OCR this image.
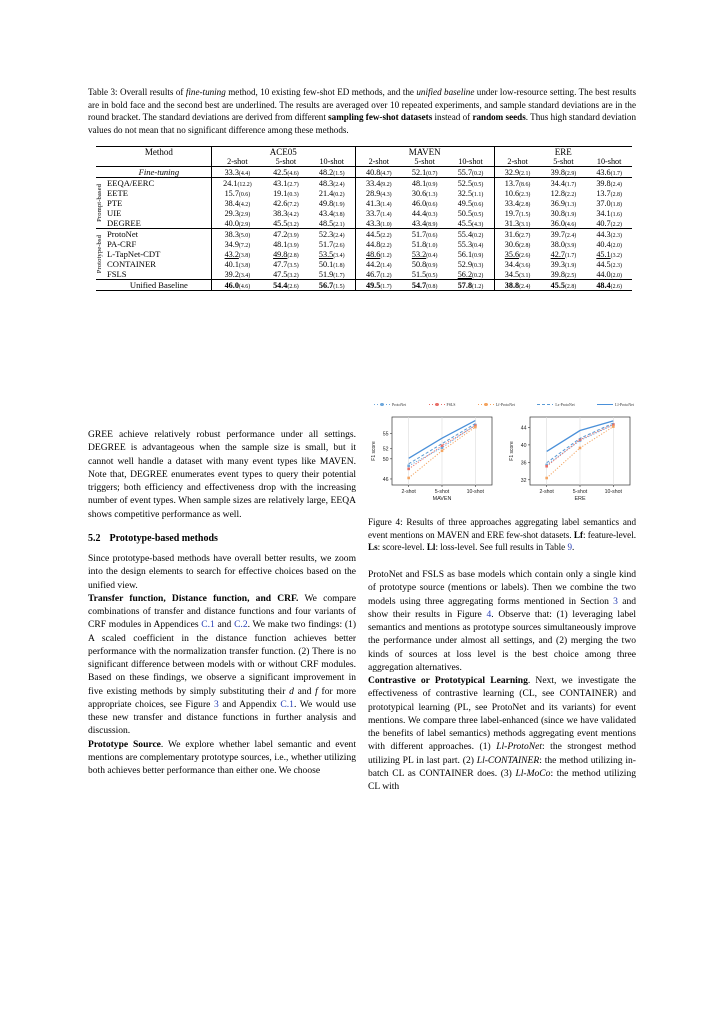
Table 3: Overall results of fine-tuning method, 10 existing few-shot ED methods, and the unified baseline under low-resource setting. The best results are in bold face and the second best are underlined. The results are averaged over 10 repeated experiments, and sample standard deviations are in the round bracket. The standard deviations are derived from different sampling few-shot datasets instead of random seeds. Thus high standard deviation values do not mean that no significant difference among these methods.
	Method	ACE05			MAVEN			ERE		
		2-shot	5-shot	10-shot	2-shot	5-shot	10-shot	2-shot	5-shot	10-shot
	Fine-tuning	33.3(4.4)	42.5(4.6)	48.2(1.5)	40.8(4.7)	52.1(0.7)	55.7(0.2)	32.9(2.1)	39.8(2.9)	43.6(1.7)

Prompt-based	EEQA/EERC	24.1(12.2)	43.1(2.7)	48.3(2.4)	33.4(9.2)	48.1(0.9)	52.5(0.5)	13.7(8.6)	34.4(1.7)	39.8(2.4)
	EETE	15.7(0.6)	19.1(0.3)	21.4(0.2)	28.9(4.3)	30.6(1.3)	32.5(1.1)	10.6(2.3)	12.8(2.2)	13.7(2.8)
	PTE	38.4(4.2)	42.6(7.2)	49.8(1.9)	41.3(1.4)	46.0(0.6)	49.5(0.6)	33.4(2.8)	36.9(1.3)	37.0(1.8)
	UIE	29.3(2.9)	38.3(4.2)	43.4(3.8)	33.7(1.4)	44.4(0.3)	50.5(0.5)	19.7(1.5)	30.8(1.9)	34.1(1.6)
	DEGREE	40.0(2.9)	45.5(3.2)	48.5(2.1)	43.3(1.0)	43.4(8.9)	45.5(4.3)	31.3(3.1)	36.0(4.6)	40.7(2.2)

Prototype-bsd	ProtoNet	38.3(5.0)	47.2(3.9)	52.3(2.4)	44.5(2.2)	51.7(0.6)	55.4(0.2)	31.6(2.7)	39.7(2.4)	44.3(2.3)
	PA-CRF	34.9(7.2)	48.1(3.9)	51.7(2.6)	44.8(2.2)	51.8(1.0)	55.3(0.4)	30.6(2.8)	38.0(3.9)	40.4(2.0)
	L-TapNet-CDT	43.2(3.8)	49.8(2.8)	53.5(3.4)	48.6(1.2)	53.2(0.4)	56.1(0.9)	35.6(2.6)	42.7(1.7)	45.1(3.2)
	CONTAINER	40.1(3.8)	47.7(3.5)	50.1(1.8)	44.2(1.4)	50.8(0.9)	52.9(0.3)	34.4(3.6)	39.3(1.9)	44.5(2.3)
	FSLS	39.2(3.4)	47.5(3.2)	51.9(1.7)	46.7(1.2)	51.5(0.5)	56.2(0.2)	34.5(3.1)	39.8(2.5)	44.0(2.0)
	Unified Baseline	46.0(4.6)	54.4(2.6)	56.7(1.5)	49.5(1.7)	54.7(0.8)	57.8(1.2)	38.8(2.4)	45.5(2.8)	48.4(2.6)
ProtoNet	FSLS	Lf-ProtoNet	Ls-ProtoNet	Ll-ProtoNet
46
50
52
55
F1 score
2-shot	5-shot	10-shot
MAVEN
32
36
40
44
F1 score
2-shot	5-shot	10-shot
ERE
Figure 4: Results of three approaches aggregating label semantics and event mentions on MAVEN and ERE few-shot datasets. Lf: feature-level. Ls: score-level. Ll: loss-level. See full results in Table 9.

GREE achieve relatively robust performance under all settings. DEGREE is advantageous when the sample size is small, but it cannot well handle a dataset with many event types like MAVEN. Note that, DEGREE enumerates event types to query their potential triggers; both efficiency and effectiveness drop with the increasing number of event types. When sample sizes are relatively large, EEQA shows competitive performance as well.

5.2 Prototype-based methods

Since prototype-based methods have overall better results, we zoom into the design elements to search for effective choices based on the unified view.

Transfer function, Distance function, and CRF. We compare combinations of transfer and distance functions and four variants of CRF modules in Appendices C.1 and C.2. We make two findings: (1) A scaled coefficient in the distance function achieves better performance with the normalization transfer function. (2) There is no significant difference between models with or without CRF modules. Based on these findings, we observe a significant improvement in five existing methods by simply substituting their d and f for more appropriate choices, see Figure 3 and Appendix C.1. We would use these new transfer and distance functions in further analysis and discussion.

Prototype Source. We explore whether label semantic and event mentions are complementary prototype sources, i.e., whether utilizing both achieves better performance than either one. We choose

ProtoNet and FSLS as base models which contain only a single kind of prototype source (mentions or labels). Then we combine the two models using three aggregating forms mentioned in Section 3 and show their results in Figure 4. Observe that: (1) leveraging label semantics and mentions as prototype sources simultaneously improve the performance under almost all settings, and (2) merging the two kinds of sources at loss level is the best choice among three aggregation alternatives.

Contrastive or Prototypical Learning. Next, we investigate the effectiveness of contrastive learning (CL, see CONTAINER) and prototypical learning (PL, see ProtoNet and its variants) for event mentions. We compare three label-enhanced (since we have validated the benefits of label semantics) methods aggregating event mentions with different approaches. (1) Ll-ProtoNet: the strongest method utilizing PL in last part. (2) Ll-CONTAINER: the method utilizing in-batch CL as CONTAINER does. (3) Ll-MoCo: the method utilizing CL with
